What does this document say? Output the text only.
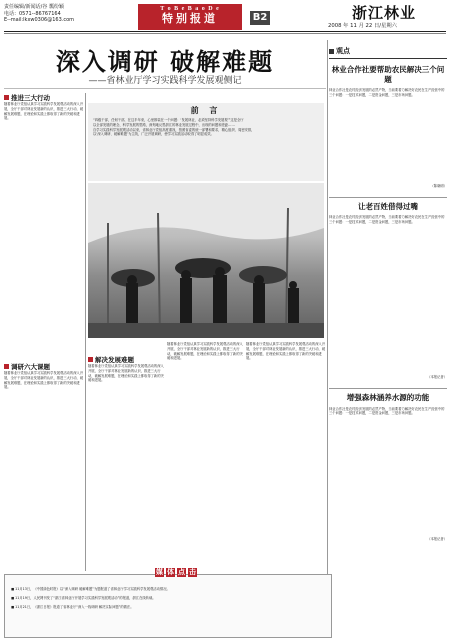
责任编辑/新闻话/谷 瓢纷颖
电话：0571--86767164
E--mail:lkxw0306@163.com
T o B e B a o D e
特别报道	B2	浙江林业
2008 年 11 月 22 日/星期六
深入调研 破解难题
——省林业厅学习实践科学发展观侧记
前 言
“四级干部，任何干部，在这半年来，心里都装在一个问题：‘发展林业，必须坚持科学发展观’”这是全厅
以全部发展的理念、科学发展的思路，深刻地反思浙江的林业发展过程中，出现的问题和差距……
自学习实践科学发展观活动以来，省林业厅党组高度重视，按照省委的统一部署和要求，精心组织、周密安排，
以‘深入调研、破解难题’为主线，广泛开展调研，使学习实践活动取得了明显成效。
推进三大行动
随着林业厅党组认真学习实践科学发展观活动的深入开展，全厅干部对林业发展新的认识，推进三大行动，破解发展难题，在理论和实践上都取得了新的突破和进展。
调研六大课题
随着林业厅党组认真学习实践科学发展观活动的深入开展，全厅干部对林业发展新的认识，推进三大行动，破解发展难题，在理论和实践上都取得了新的突破和进展。
解决发展难题
随着林业厅党组认真学习实践科学发展观活动的深入开展，全厅干部对林业发展新的认识，推进三大行动，破解发展难题，在理论和实践上都取得了新的突破和进展。
随着林业厅党组认真学习实践科学发展观活动的深入开展，全厅干部对林业发展新的认识，推进三大行动，破解发展难题，在理论和实践上都取得了新的突破和进展。
随着林业厅党组认真学习实践科学发展观活动的深入开展，全厅干部对林业发展新的认识，推进三大行动，破解发展难题，在理论和实践上都取得了新的突破和进展。
观点
林业合作社要帮助农民解决三个问题
林业合作社是农村经济发展的必然产物，当前要着力解决好农民在生产经营中的三个问题：一是技术问题，二是资金问题，三是市场问题。
（陈晓明）
让老百姓借得过嘴
林业合作社是农村经济发展的必然产物，当前要着力解决好农民在生产经营中的三个问题：一是技术问题，二是资金问题，三是市场问题。
（本报记者）
增强森林涵养水源的功能
林业合作社是农村经济发展的必然产物，当前要着力解决好农民在生产经营中的三个问题：一是技术问题，二是资金问题，三是市场问题。
（本报记者）
■ 11月13日，《中国绿色时报》以“深入调研 破解难题”为题报道了省林业厅学习实践科学发展观活动情况。
■ 11月19日，人民网刊发了“浙江省林业厅开展学习实践科学发展观活动”的报道，浙江在线转载。
■ 11月21日，《浙江日报》报道了省林业厅“深入一线调研 解决实际问题”的做法。
媒 体 点 击
